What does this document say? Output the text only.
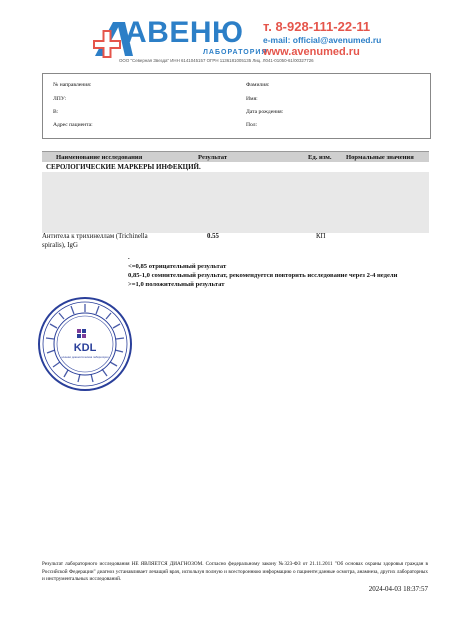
АВЕНЮ
ЛАБОРАТОРИЯ
т. 8-928-111-22-11
e-mail: official@avenumed.ru
www.avenumed.ru
ООО "Северная Звезда" ИНН 6141045157 ОГРН 1136181005135 Лиц. Л041-01050-61/00327726
№ направления:
ЛПУ:
В:
Адрес пациента:
Фамилия:
Имя:
Дата рождения:
Пол:
Наименование исследования	Результат	Ед. изм. Нормальные значения
СЕРОЛОГИЧЕСКИЕ МАРКЕРЫ ИНФЕКЦИЙ.
Антитела к трихинеллам (Trichinella
spiralis), IgG
0.55	КП
.
<=0,85 отрицательный результат
0,85-1,0 сомнительный результат, рекомендуется повторить исследование через 2-4 недели
>=1,0 положительный результат
KDL
клинико диагностическая лаборатория
Результат лабораторного исследования НЕ ЯВЛЯЕТСЯ ДИАГНОЗОМ. Согласно федеральному закону №323-ФЗ от 21.11.2011 "Об основах охраны здоровья граждан в Российской Федерации" диагноз устанавливает лечащий врач, используя полную и всестороннюю информацию о пациенте:данные осмотра, анамнеза, других лабораторных и инструментальных исследований.
2024-04-03 18:37:57
